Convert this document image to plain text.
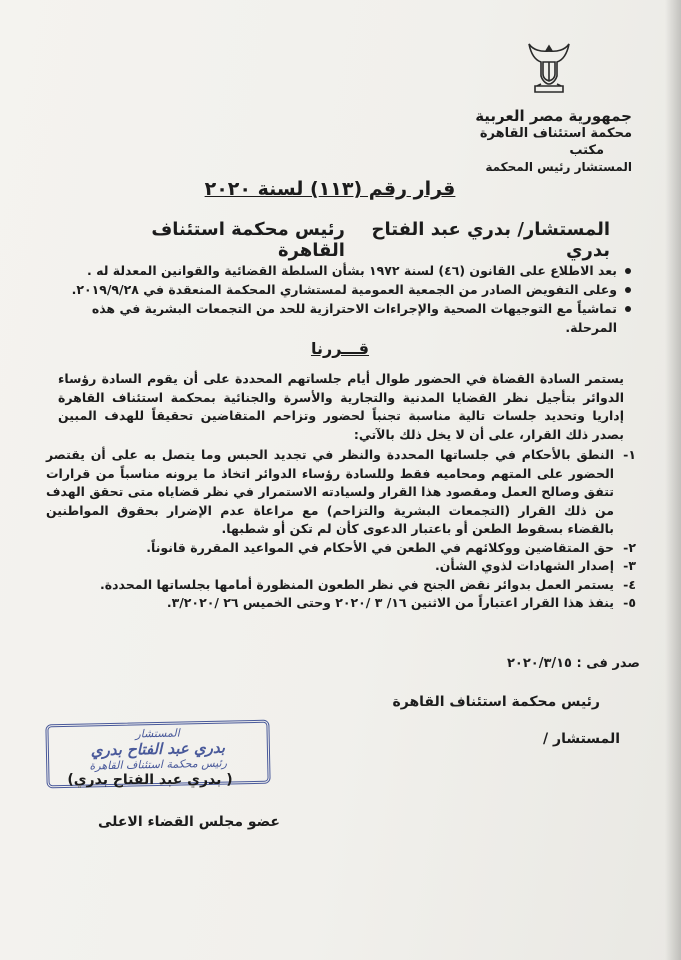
جمهورية مصر العربية
محكمة استئناف القاهرة
مكتب
المستشار رئيس المحكمة
قرار رقم (١١٣) لسنة ٢٠٢٠
المستشار/ بدري عبد الفتاح بدري
رئيس محكمة استئناف القاهرة
بعد الاطلاع على القانون (٤٦) لسنة ١٩٧٢ بشأن السلطة القضائية والقوانين المعدلة له .
وعلى التفويض الصادر من الجمعية العمومية لمستشاري المحكمة المنعقدة في ٢٠١٩/٩/٢٨.
تماشياً مع التوجيهات الصحية والإجراءات الاحترازية للحد من التجمعات البشرية في هذه المرحلة.
قـــررنا

يستمر السادة القضاة في الحضور طوال أيام جلساتهم المحددة على أن يقوم السادة رؤساء الدوائر بتأجيل نظر القضايا المدنية والتجارية والأسرة والجنائية بمحكمة استئناف القاهرة إداريا وتحديد جلسات تالية مناسبة تجنباً لحضور وتزاحم المتقاضين تحقيقاً للهدف المبين بصدر ذلك القرار، على أن لا يخل ذلك بالآتي:

١-
النطق بالأحكام في جلساتها المحددة والنظر في تجديد الحبس وما يتصل به على أن يقتصر الحضور على المتهم ومحاميه فقط وللسادة رؤساء الدوائر اتخاذ ما يرونه مناسباً من قرارات تتفق وصالح العمل ومقصود هذا القرار ولسيادته الاستمرار في نظر قضاياه متى تحقق الهدف من ذلك القرار (التجمعات البشرية والتزاحم) مع مراعاة عدم الإضرار بحقوق المواطنين بالقضاء بسقوط الطعن أو باعتبار الدعوى كأن لم تكن أو شطبها.
٢-
حق المتقاضين ووكلائهم في الطعن في الأحكام في المواعيد المقررة قانوناً.
٣-
إصدار الشهادات لذوي الشأن.
٤-
يستمر العمل بدوائر نقض الجنح في نظر الطعون المنظورة أمامها بجلساتها المحددة.
٥-
ينفذ هذا القرار اعتباراً من الاثنين ١٦/ ٣ /٢٠٢٠ وحتى الخميس ٢٦ /٣/٢٠٢٠.
صدر فى : ٢٠٢٠/٣/١٥
رئيس محكمة استئناف القاهرة
المستشار /
المستشار
بدري عبد الفتاح بدري
رئيس محكمة استئناف القاهرة
( بدري عبد الفتاح بدري)
عضو مجلس القضاء الاعلى
